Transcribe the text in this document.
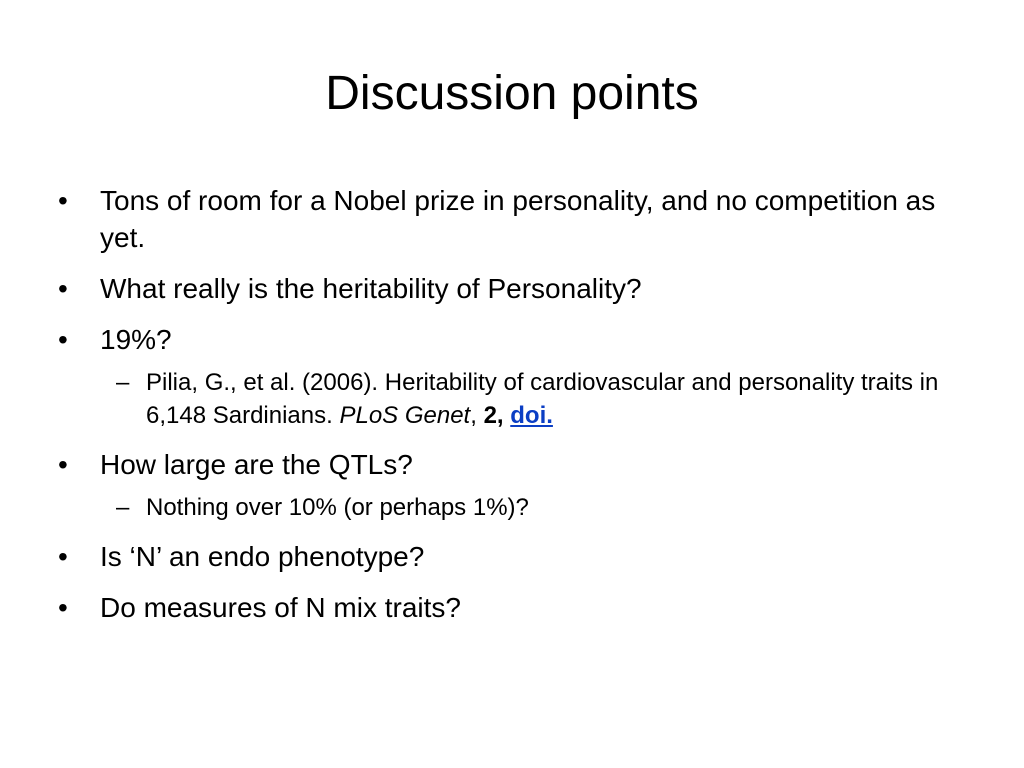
Discussion points
•	Tons of room for a Nobel prize in personality, and no competition as yet.
•	What really is the heritability of Personality?
•	19%?
– Pilia, G., et al. (2006). Heritability of cardiovascular and personality traits in 6,148 Sardinians. PLoS Genet, 2, doi.
•	How large are the QTLs?
– Nothing over 10% (or perhaps 1%)?
•	Is ‘N’ an endo phenotype?
•	Do measures of N mix traits?
